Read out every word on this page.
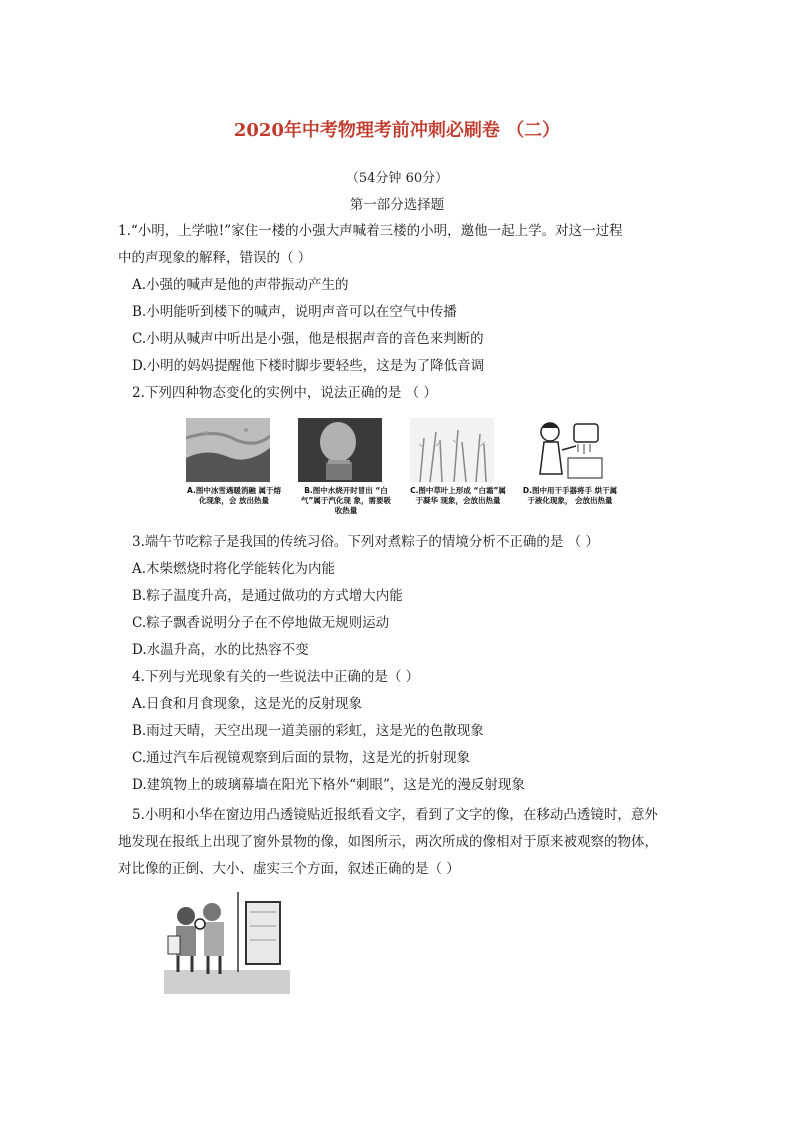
2020年中考物理考前冲刺必刷卷 （二）
（54分钟 60分）
第一部分选择题
1.“小明，上学啦!”家住一楼的小强大声喊着三楼的小明，邀他一起上学。对这一过程
中的声现象的解释，错误的（ ）
A.小强的喊声是他的声带振动产生的
B.小明能听到楼下的喊声，说明声音可以在空气中传播
C.小明从喊声中听出是小强，他是根据声音的音色来判断的
D.小明的妈妈提醒他下楼时脚步要轻些，这是为了降低音调
2.下列四种物态变化的实例中，说法正确的是 （ ）
A.图中冰雪遇暖消融 属于熔化现象，会 放出热量
B.图中水烧开时冒出 “白气”属于汽化现 象，需要吸收热量
C.图中草叶上形成 “白霜”属于凝华 现象，会放出热量
D.图中用干手器将手 烘干属于液化现象， 会放出热量
3.端午节吃粽子是我国的传统习俗。下列对煮粽子的情境分析不正确的是 （ ）
A.木柴燃烧时将化学能转化为内能
B.粽子温度升高，是通过做功的方式增大内能
C.粽子飘香说明分子在不停地做无规则运动
D.水温升高，水的比热容不变
4.下列与光现象有关的一些说法中正确的是（ ）
A.日食和月食现象，这是光的反射现象
B.雨过天晴，天空出现一道美丽的彩虹，这是光的色散现象
C.通过汽车后视镜观察到后面的景物，这是光的折射现象
D.建筑物上的玻璃幕墙在阳光下格外“刺眼”，这是光的漫反射现象
5.小明和小华在窗边用凸透镜贴近报纸看文字，看到了文字的像，在移动凸透镜时，意外
地发现在报纸上出现了窗外景物的像，如图所示，两次所成的像相对于原来被观察的物体，
对比像的正倒、大小、虚实三个方面，叙述正确的是（ ）
